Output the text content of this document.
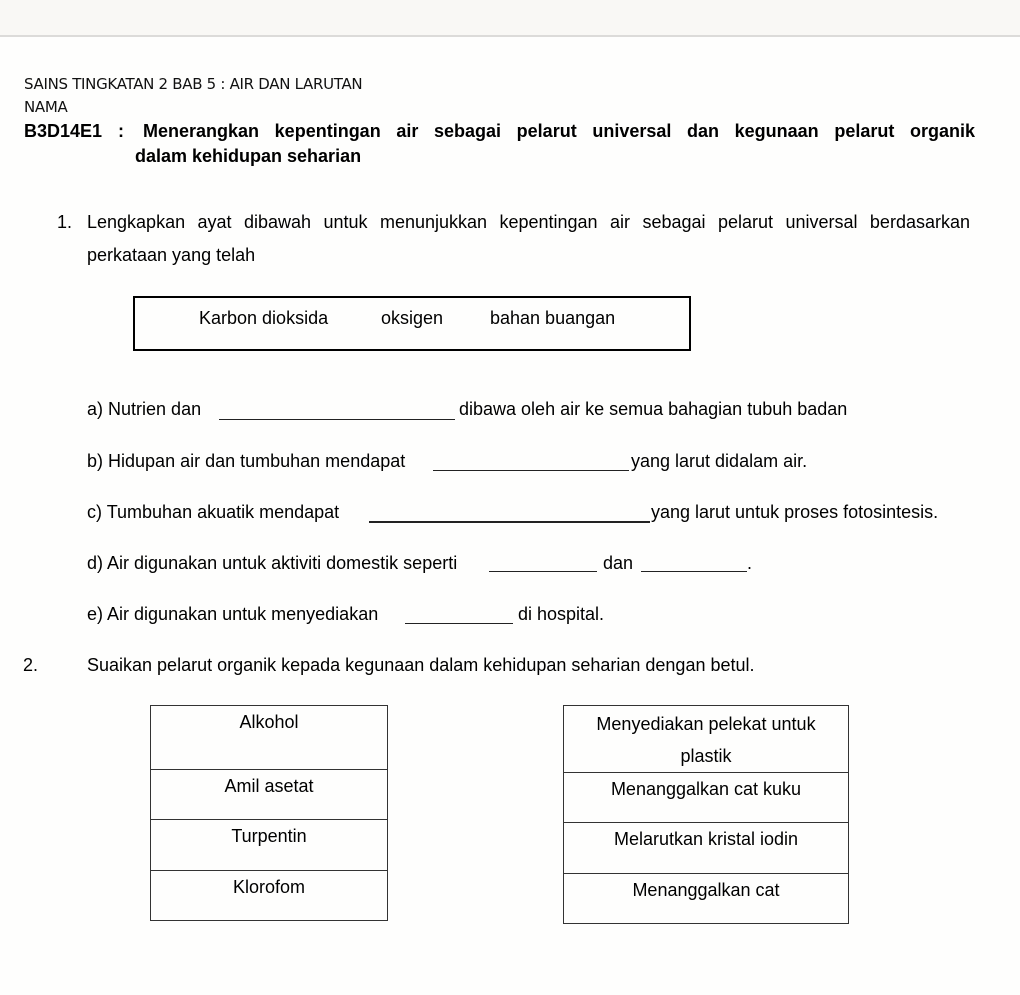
SAINS TINGKATAN 2 BAB 5 : AIR DAN LARUTAN
NAMA
B3D14E1 : Menerangkan kepentingan air sebagai pelarut universal dan kegunaan pelarut organik
dalam kehidupan seharian
1. Lengkapkan ayat dibawah untuk menunjukkan kepentingan air sebagai pelarut universal berdasarkan
perkataan yang telah
Karbon dioksida	oksigen	bahan buangan
a) Nutrien dan	dibawa oleh air ke semua bahagian tubuh badan
b) Hidupan air dan tumbuhan mendapat	yang larut didalam air.
c) Tumbuhan akuatik mendapat	yang larut untuk proses fotosintesis.
d) Air digunakan untuk aktiviti domestik seperti	dan	.
e) Air digunakan untuk menyediakan	di hospital.
2.	Suaikan pelarut organik kepada kegunaan dalam kehidupan seharian dengan betul.
Alkohol

Amil asetat

Turpentin

Klorofom
Menyediakan pelekat untuk plastik

Menanggalkan cat kuku

Melarutkan kristal iodin

Menanggalkan cat
